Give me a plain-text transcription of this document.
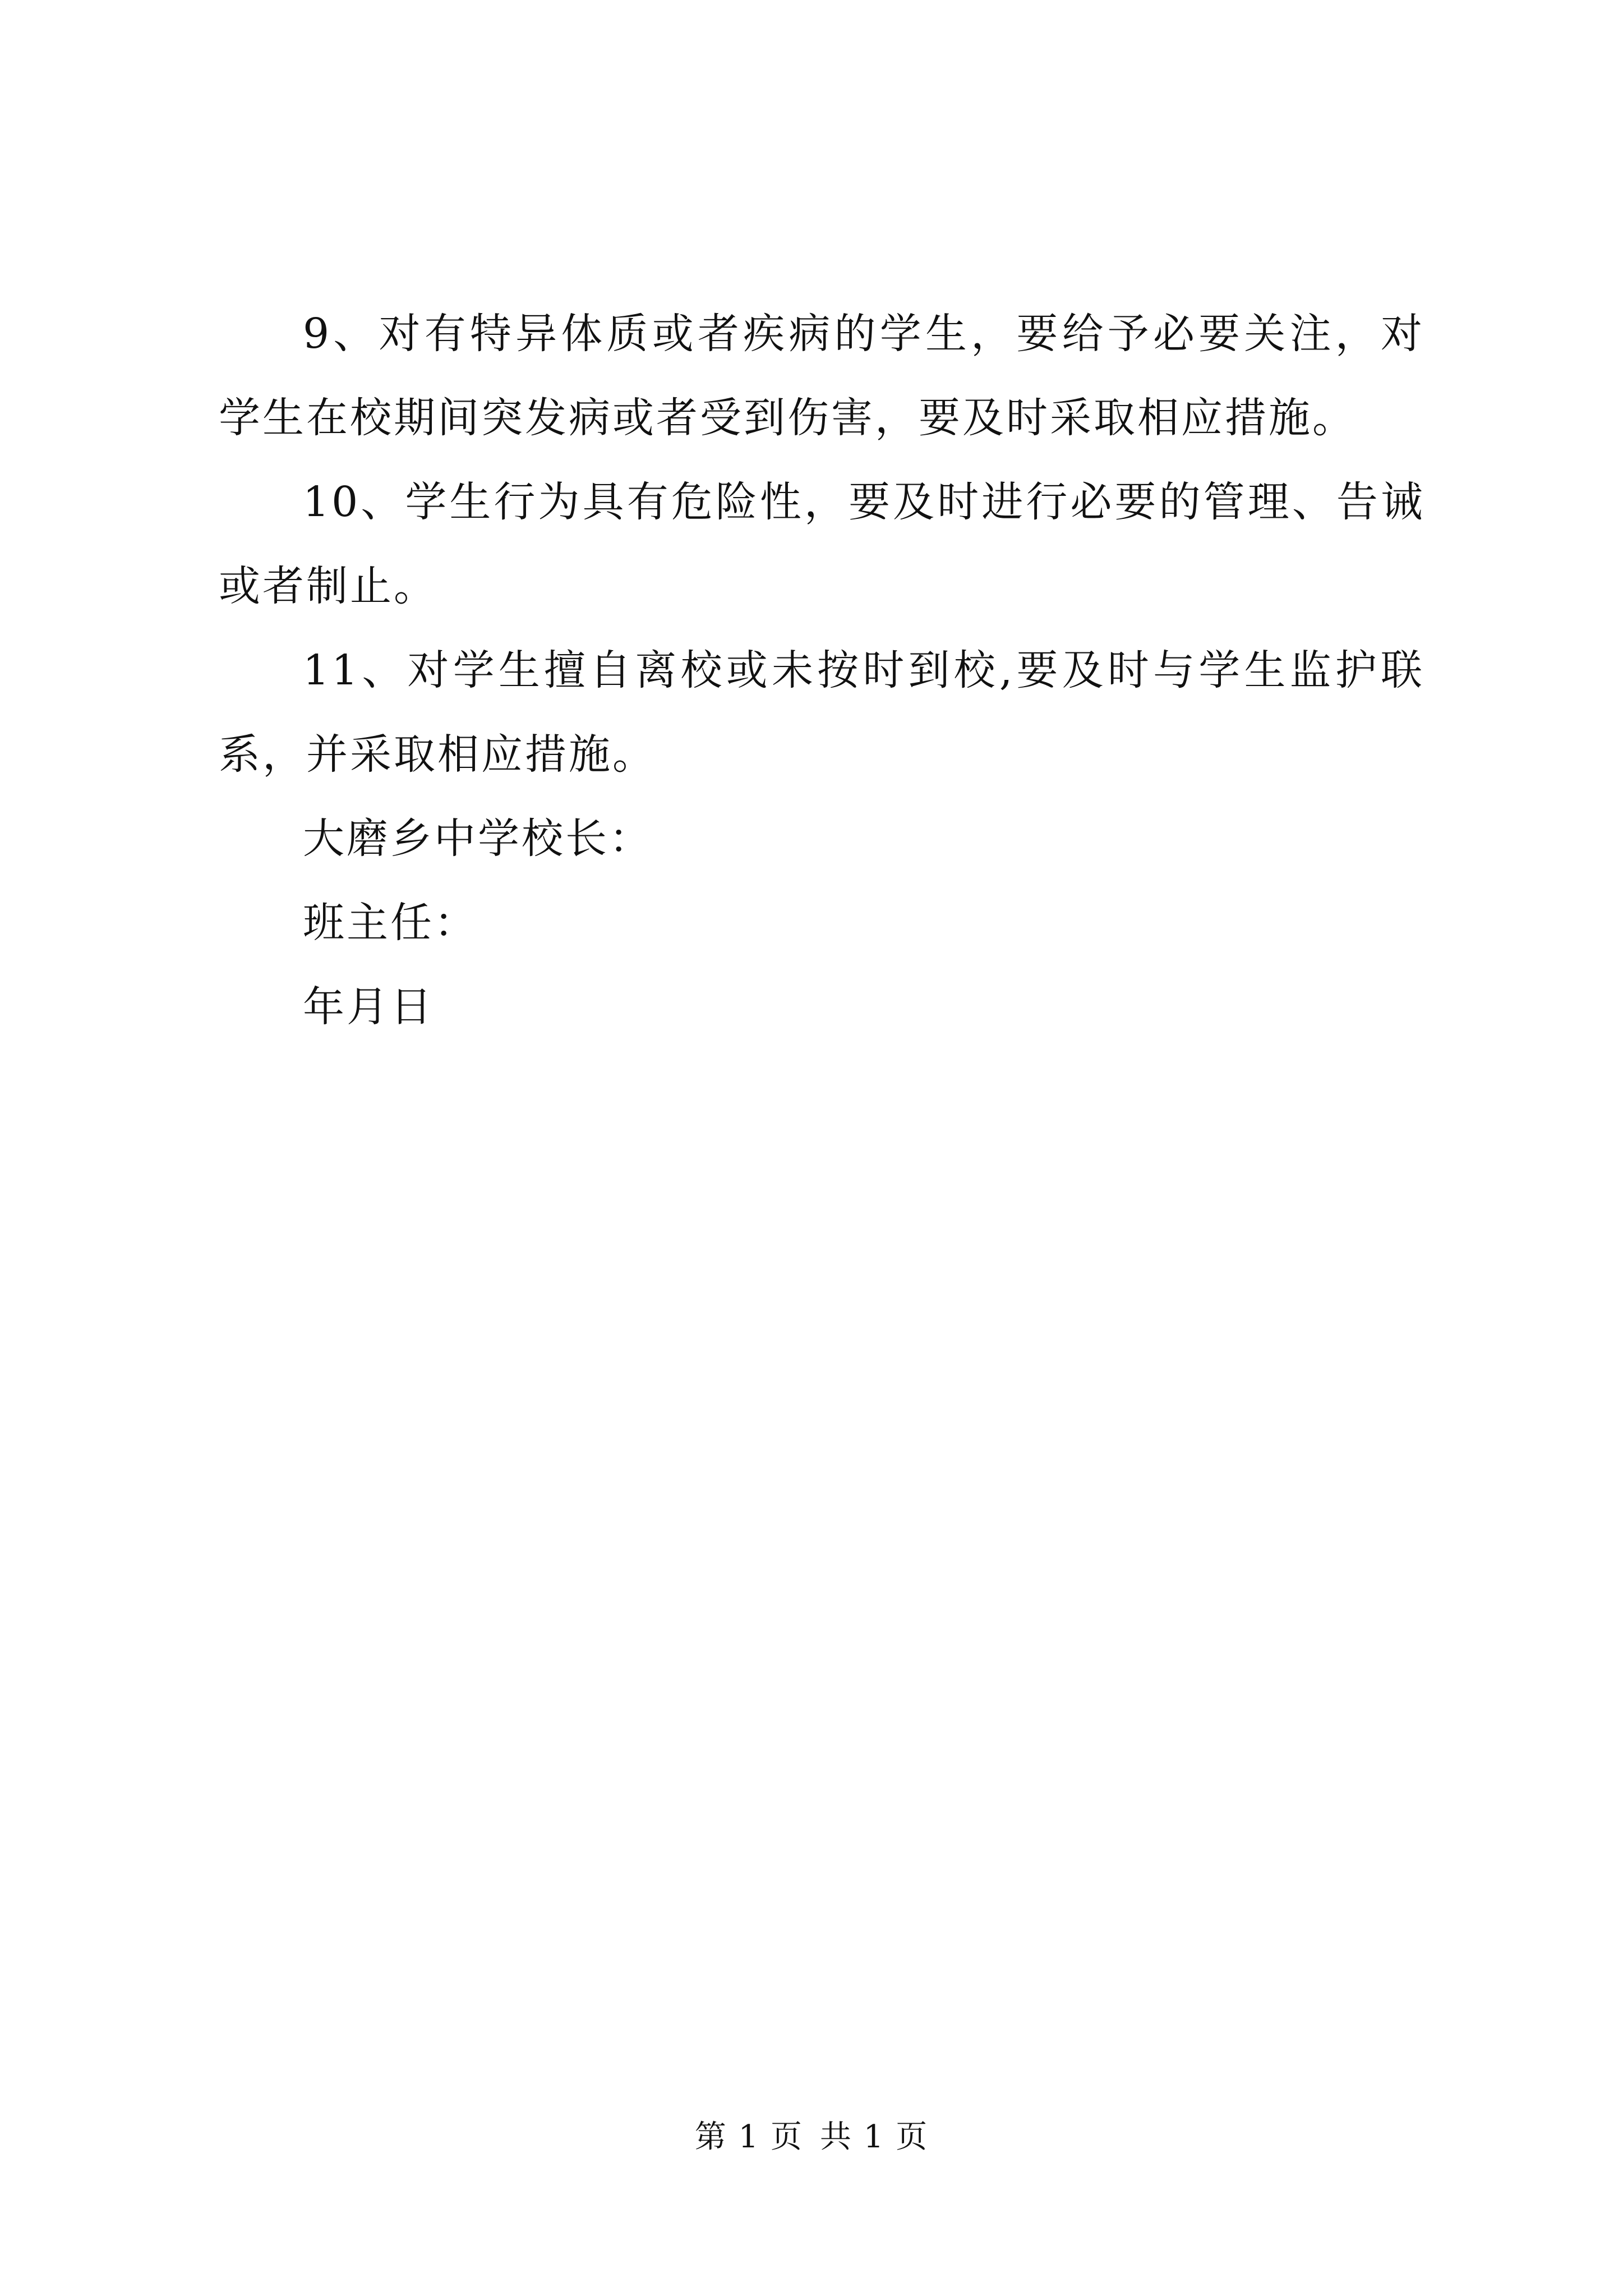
9、对有特异体质或者疾病的学生，要给予必要关注，对学生在校期间突发病或者受到伤害，要及时采取相应措施。

10、学生行为具有危险性，要及时进行必要的管理、告诫或者制止。

11、对学生擅自离校或未按时到校,要及时与学生监护联系，并采取相应措施。

大磨乡中学校长：

班主任：

年月日

第 1 页 共 1 页
